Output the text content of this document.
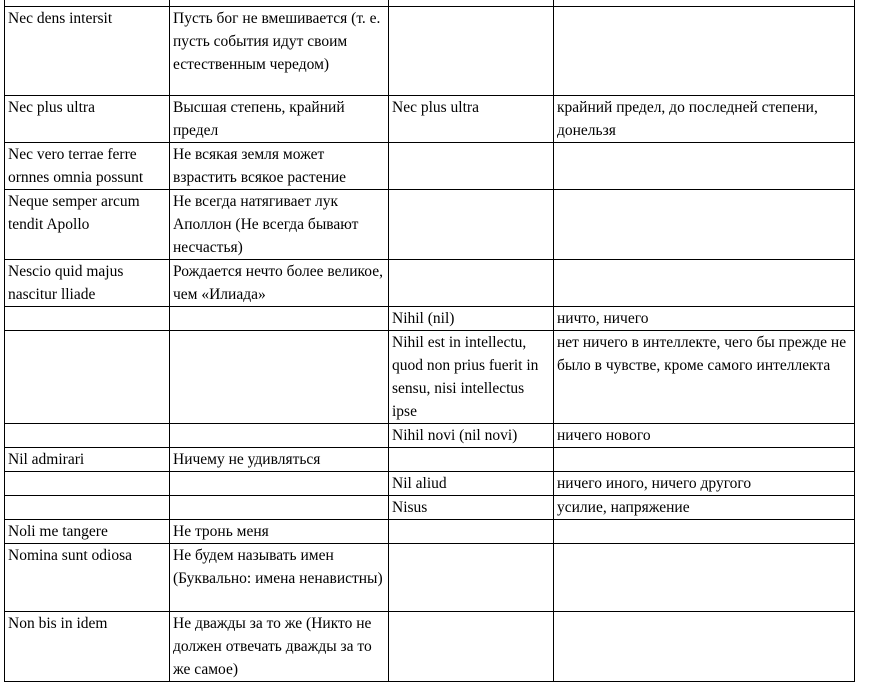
Nec dens intersit	Пусть бог не вмешивается (т. е. пусть события идут своим естественным чередом)		
Nec plus ultra	Высшая степень, крайний предел	Nec plus ultra	крайний предел, до последней степени, донельзя
Nec vero terrae ferre ornnes omnia possunt	Не всякая земля может взрастить всякое растение		
Neque semper arcum tendit Apollo	Не всегда натягивает лук Аполлон (Не всегда бывают несчастья)		
Nescio quid majus nascitur lliade	Рождается нечто более великое, чем «Илиада»		
		Nihil (nil)	ничто, ничего
		Nihil est in intellectu, quod non prius fuerit in sensu, nisi intellectus ipse	нет ничего в интеллекте, чего бы прежде не было в чувстве, кроме самого интеллекта
		Nihil novi (nil novi)	ничего нового
Nil admirari	Ничему не удивляться		
		Nil aliud	ничего иного, ничего другого
		Nisus	усилие, напряжение
Noli me tangere	Не тронь меня		
Nomina sunt odiosa	Не будем называть имен (Буквально: имена ненавистны)		
Non bis in idem	Не дважды за то же (Никто не должен отвечать дважды за то же самое)		
